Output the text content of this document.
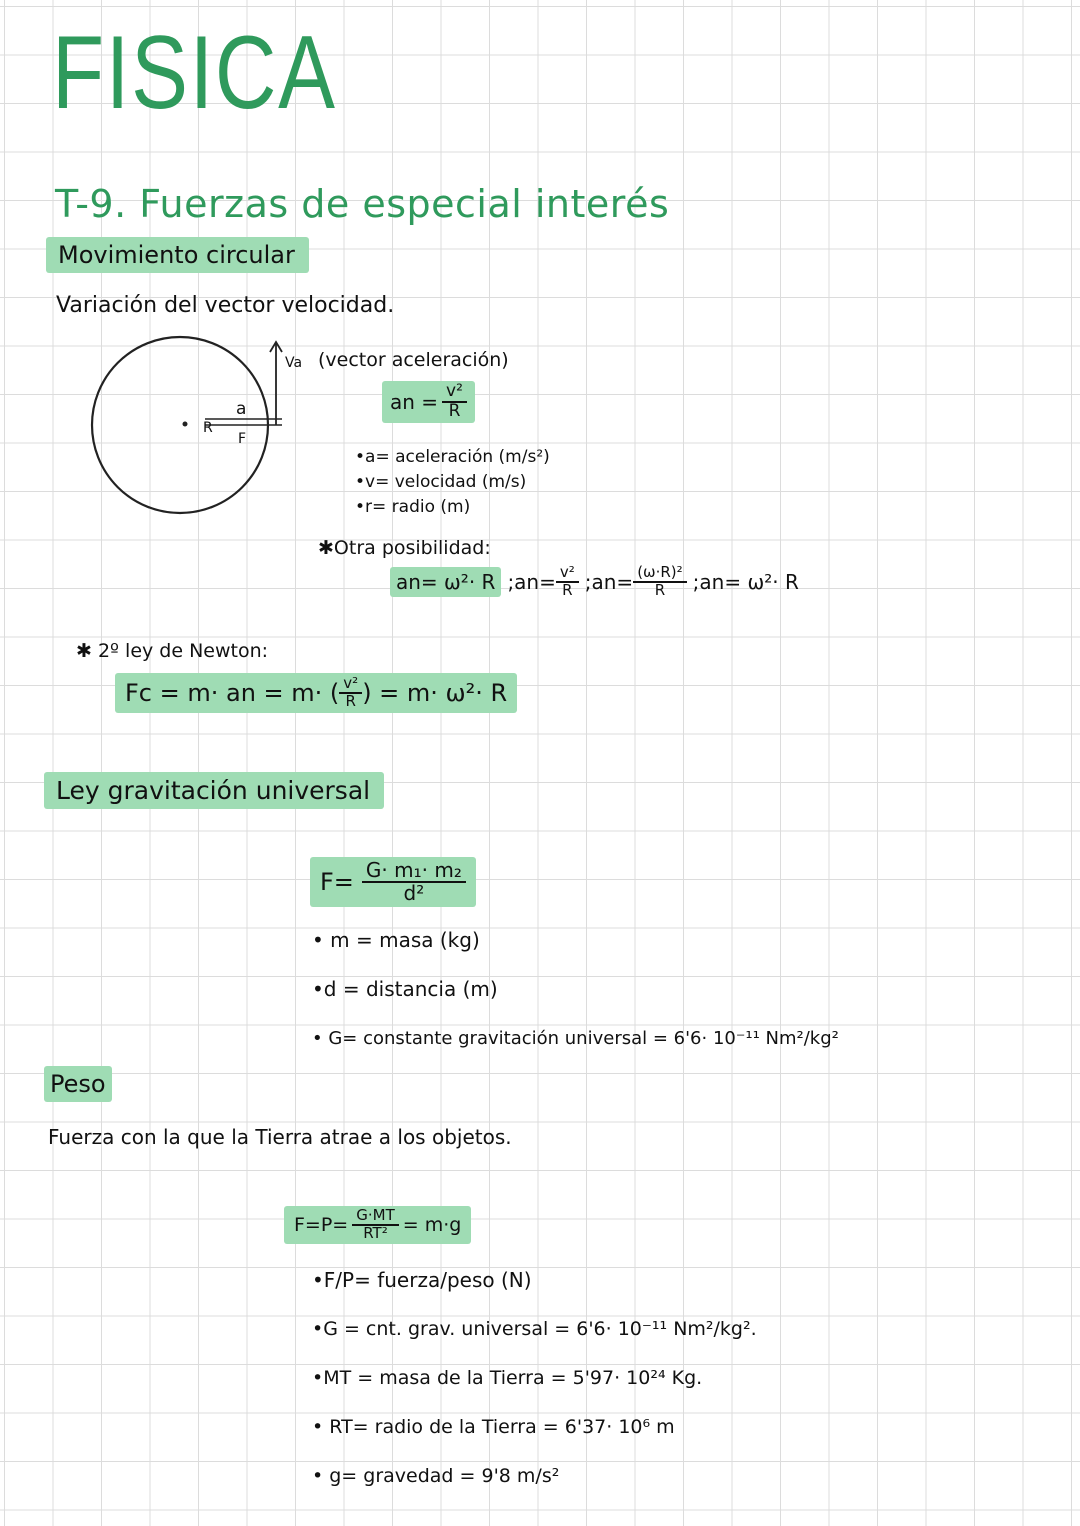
FISICA
T-9. Fuerzas de especial interés
Movimiento circular
Variación del vector velocidad.
a
F
R
Va (vector aceleración)
an = $\frac{\text{v²}}{R}$
•a= aceleración (m/s²)
•v= velocidad (m/s)
•r= radio (m)
✱Otra posibilidad:
an= ω²· R ;an= $\frac{\text{v²}}{R}$ ;an= $\frac{\text{(ω·R)²}}{R}$ ;an= ω²· R
✱ 2º ley de Newton:
Fc = m· an = m· ( $\frac{\text{v²}}{R}$ ) = m· ω²· R
Ley gravitación universal
$F= \frac{\text{G· m₁· m₂}}{\text{d²}}$
• m = masa (kg)
•d = distancia (m)
• G= constante gravitación universal = 6'6· 10⁻¹¹ Nm²/kg²
Peso
Fuerza con la que la Tierra atrae a los objetos.
$F=P= \frac{G\cdot MT}{\text{RT²}} = m\cdot g$
•F/P= fuerza/peso (N)
•G = cnt. grav. universal = 6'6· 10⁻¹¹ Nm²/kg².
•MT = masa de la Tierra = 5'97· 10²⁴ Kg.
• RT= radio de la Tierra = 6'37· 10⁶ m
• g= gravedad = 9'8 m/s²
